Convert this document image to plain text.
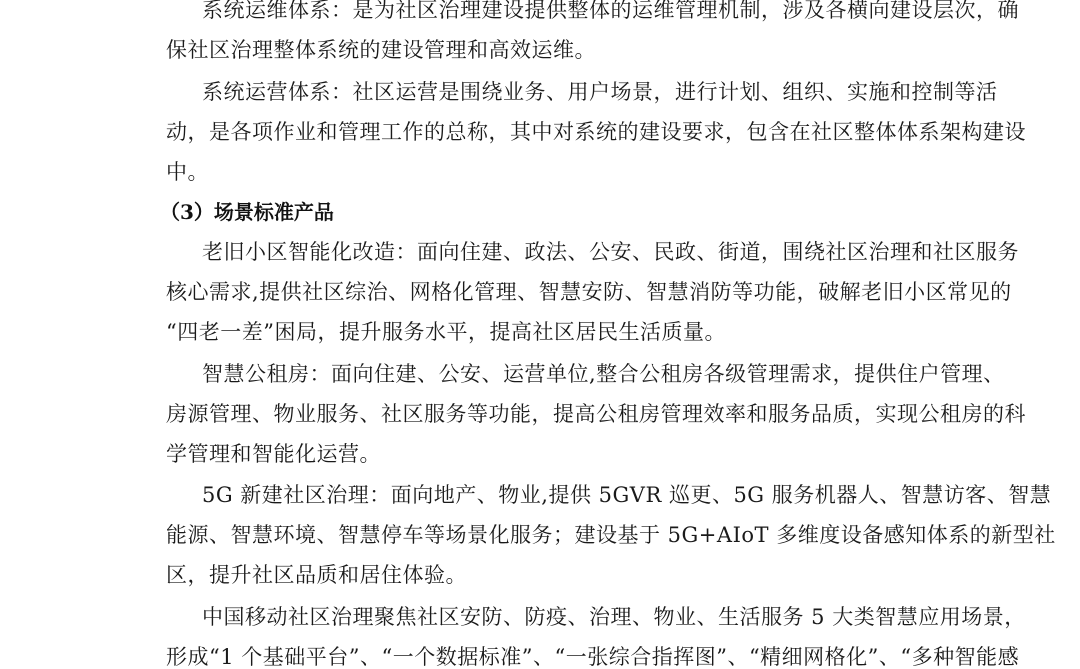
系统运维体系：是为社区治理建设提供整体的运维管理机制，涉及各横向建设层次，确
保社区治理整体系统的建设管理和高效运维。
系统运营体系：社区运营是围绕业务、用户场景，进行计划、组织、实施和控制等活
动，是各项作业和管理工作的总称，其中对系统的建设要求，包含在社区整体体系架构建设
中。
（3）场景标准产品
老旧小区智能化改造：面向住建、政法、公安、民政、街道，围绕社区治理和社区服务
核心需求,提供社区综治、网格化管理、智慧安防、智慧消防等功能，破解老旧小区常见的
“四老一差”困局，提升服务水平，提高社区居民生活质量。
智慧公租房：面向住建、公安、运营单位,整合公租房各级管理需求，提供住户管理、
房源管理、物业服务、社区服务等功能，提高公租房管理效率和服务品质，实现公租房的科
学管理和智能化运营。
5G 新建社区治理：面向地产、物业,提供 5GVR 巡更、5G 服务机器人、智慧访客、智慧
能源、智慧环境、智慧停车等场景化服务；建设基于 5G+AIoT 多维度设备感知体系的新型社
区，提升社区品质和居住体验。
中国移动社区治理聚焦社区安防、防疫、治理、物业、生活服务 5 大类智慧应用场景，
形成“1 个基础平台”、“一个数据标准”、“一张综合指挥图”、“精细网格化”、“多种智能感
